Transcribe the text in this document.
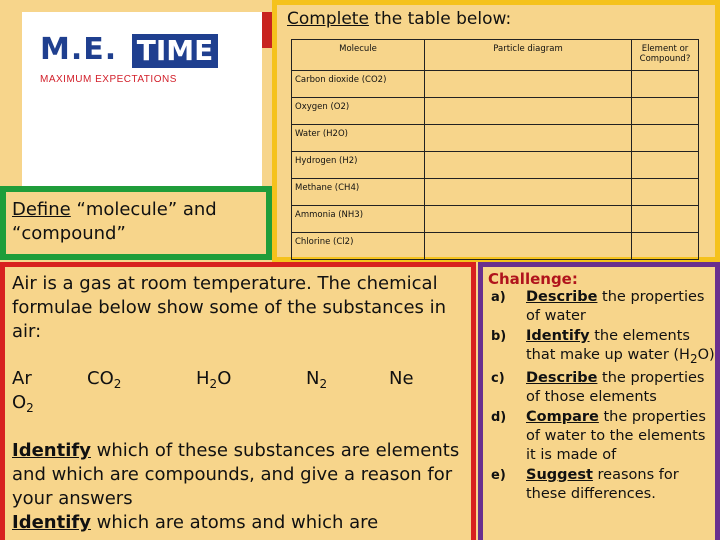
M.E. TIME
MAXIMUM EXPECTATIONS
Complete the table below:
Molecule	Particle diagram	Element or Compound?
Carbon dioxide (CO2)		
Oxygen (O2)		
Water (H2O)		
Hydrogen (H2)		
Methane (CH4)		
Ammonia (NH3)		
Chlorine (Cl2)		
Define “molecule” and “compound”
Air is a gas at room temperature. The chemical formulae below show some of the substances in air:
Ar	$CO_2$	$H_2O$	$N_2$	Ne
$O_2$
Identify which of these substances are elements and which are compounds, and give a reason for your answers
Identify which are atoms and which are
Challenge:
a) Describe the properties of water
b) Identify the elements that make up water $(H_2O)$
c) Describe the properties of those elements
d) Compare the properties of water to the elements it is made of
e) Suggest reasons for these differences.
